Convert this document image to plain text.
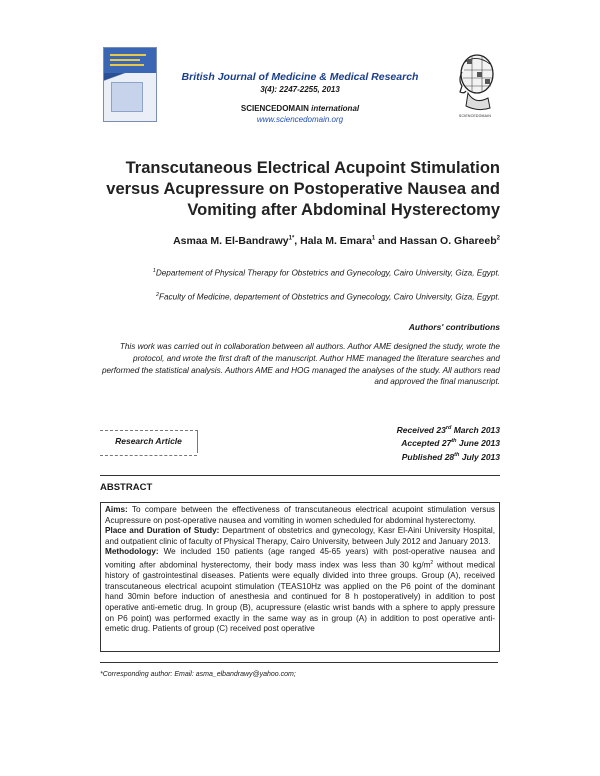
British Journal of Medicine & Medical Research
3(4): 2247-2255, 2013
SCIENCEDOMAIN international
www.sciencedomain.org	SCIENCEDOMAIN
Transcutaneous Electrical Acupoint Stimulation versus Acupressure on Postoperative Nausea and Vomiting after Abdominal Hysterectomy
Asmaa M. El-Bandrawy$^{1*}$, Hala M. Emara$^1$ and Hassan O. Ghareeb$^2$
$^1$Departement of Physical Therapy for Obstetrics and Gynecology, Cairo University, Giza, Egypt.
$^2$Faculty of Medicine, departement of Obstetrics and Gynecology, Cairo University, Giza, Egypt.
Authors' contributions
This work was carried out in collaboration between all authors. Author AME designed the study, wrote the protocol, and wrote the first draft of the manuscript. Author HME managed the literature searches and performed the statistical analysis. Authors AME and HOG managed the analyses of the study. All authors read and approved the final manuscript.
Research Article
Received 23rd March 2013
Accepted 27th June 2013
Published 28th July 2013
ABSTRACT

Aims: To compare between the effectiveness of transcutaneous electrical acupoint stimulation versus Acupressure on post-operative nausea and vomiting in women scheduled for abdominal hysterectomy.

Place and Duration of Study: Department of obstetrics and gynecology, Kasr El-Aini University Hospital, and outpatient clinic of faculty of Physical Therapy, Cairo University, between July 2012 and January 2013.

Methodology: We included 150 patients (age ranged 45-65 years) with post-operative nausea and vomiting after abdominal hysterectomy, their body mass index was less than 30 $kg/m^2$ without medical history of gastrointestinal diseases. Patients were equally divided into three groups. Group (A), received transcutaneous electrical acupoint stimulation (TEAS10Hz was applied on the P6 point of the dominant hand 30min before induction of anesthesia and continued for 8 h postoperatively) in addition to post operative anti-emetic drug. In group (B), acupressure (elastic wrist bands with a sphere to apply pressure on P6 point) was performed exactly in the same way as in group (A) in addition to post operative anti-emetic drug. Patients of group (C) received post operative

*Corresponding author: Email: asma_elbandrawy@yahoo.com;
